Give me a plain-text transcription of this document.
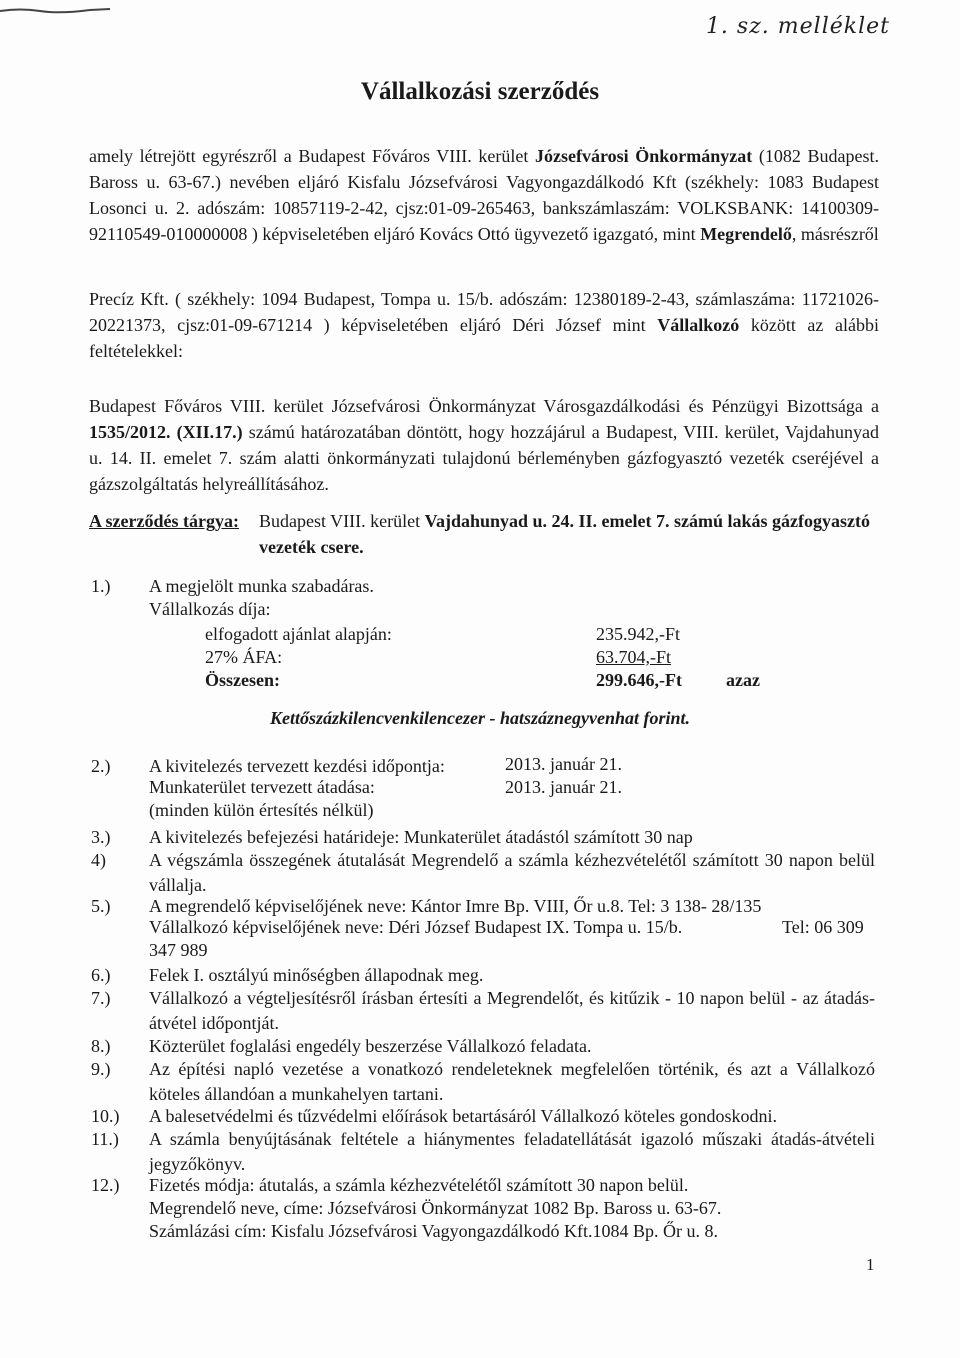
1. sz. melléklet
Vállalkozási szerződés
amely létrejött egyrészről a Budapest Főváros VIII. kerület Józsefvárosi Önkormányzat (1082 Budapest. Baross u. 63-67.) nevében eljáró Kisfalu Józsefvárosi Vagyongazdálkodó Kft (székhely: 1083 Budapest Losonci u. 2. adószám: 10857119-2-42, cjsz:01-09-265463, bankszámlaszám: VOLKSBANK: 14100309-92110549-010000008 ) képviseletében eljáró Kovács Ottó ügyvezető igazgató, mint Megrendelő, másrészről
Precíz Kft. ( székhely: 1094 Budapest, Tompa u. 15/b. adószám: 12380189-2-43, számlaszáma: 11721026-20221373, cjsz:01-09-671214 ) képviseletében eljáró Déri József mint Vállalkozó között az alábbi feltételekkel:
Budapest Főváros VIII. kerület Józsefvárosi Önkormányzat Városgazdálkodási és Pénzügyi Bizottsága a 1535/2012. (XII.17.) számú határozatában döntött, hogy hozzájárul a Budapest, VIII. kerület, Vajdahunyad u. 14. II. emelet 7. szám alatti önkormányzati tulajdonú bérleményben gázfogyasztó vezeték cseréjével a gázszolgáltatás helyreállításához.
A szerződés tárgya: Budapest VIII. kerület Vajdahunyad u. 24. II. emelet 7. számú lakás gázfogyasztó vezeték csere.
1.)	A megjelölt munka szabadáras.
Vállalkozás díja:
elfogadott ajánlat alapján:	235.942,-Ft
27% ÁFA:	63.704,-Ft
Összesen:	299.646,-Ft azaz
Kettőszázkilencvenkilencezer - hatszáznegyvenhat forint.
2.)	A kivitelezés tervezett kezdési időpontja:	2013. január 21.
Munkaterület tervezett átadása:	2013. január 21.
(minden külön értesítés nélkül)
3.)	A kivitelezés befejezési határideje: Munkaterület átadástól számított 30 nap
4)	A végszámla összegének átutalását Megrendelő a számla kézhezvételétől számított 30 napon belül vállalja.
5.)	A megrendelő képviselőjének neve: Kántor Imre Bp. VIII, Őr u.8. Tel: 3 138- 28/135
Vállalkozó képviselőjének neve: Déri József Budapest IX. Tompa u. 15/b.	Tel: 06 309
347 989
6.)	Felek I. osztályú minőségben állapodnak meg.
7.)	Vállalkozó a végteljesítésről írásban értesíti a Megrendelőt, és kitűzik - 10 napon belül - az átadás-átvétel időpontját.
8.)	Közterület foglalási engedély beszerzése Vállalkozó feladata.
9.)	Az építési napló vezetése a vonatkozó rendeleteknek megfelelően történik, és azt a Vállalkozó köteles állandóan a munkahelyen tartani.
10.)	A balesetvédelmi és tűzvédelmi előírások betartásáról Vállalkozó köteles gondoskodni.
11.)	A számla benyújtásának feltétele a hiánymentes feladatellátását igazoló műszaki átadás-átvételi jegyzőkönyv.
12.)	Fizetés módja: átutalás, a számla kézhezvételétől számított 30 napon belül.
Megrendelő neve, címe: Józsefvárosi Önkormányzat 1082 Bp. Baross u. 63-67.
Számlázási cím: Kisfalu Józsefvárosi Vagyongazdálkodó Kft.1084 Bp. Őr u. 8.
1
